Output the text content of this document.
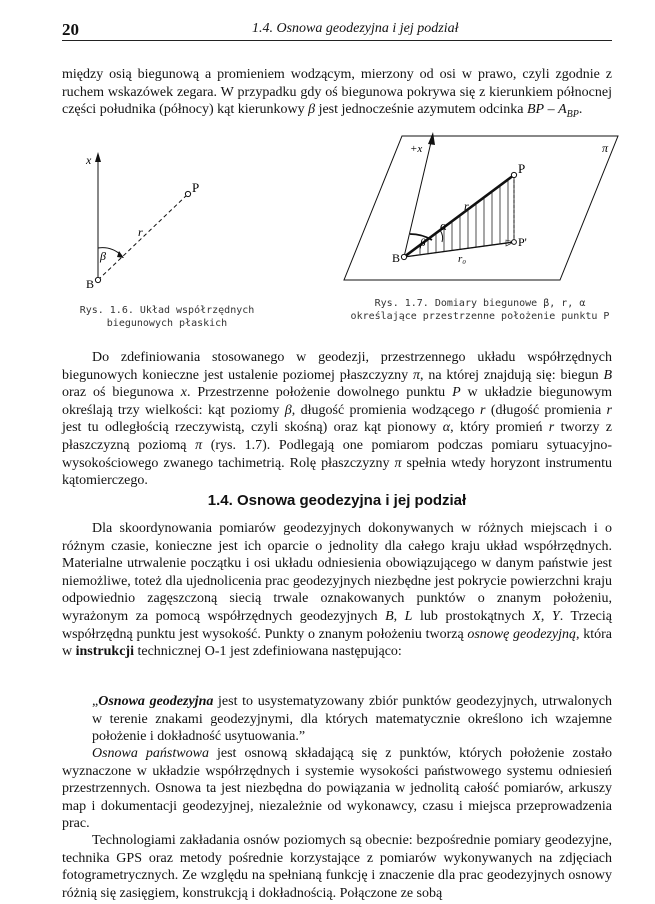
20	1.4. Osnowa geodezyjna i jej podział

między osią biegunową a promieniem wodzącym, mierzony od osi w prawo, czyli zgodnie z ruchem wskazówek zegara. W przypadku gdy oś biegunowa pokrywa się z kierunkiem północnej części południka (północy) kąt kierunkowy β jest jednocześnie azymutem odcinka BP – $A_{BP}$.

x
P
r
β
B
π
+x
P
P'
r
α
β
r₀
B

Rys. 1.6. Układ współrzędnych
biegunowych płaskich

Rys. 1.7. Domiary biegunowe β, r, α
określające przestrzenne położenie punktu P

Do zdefiniowania stosowanego w geodezji, przestrzennego układu współrzędnych biegunowych konieczne jest ustalenie poziomej płaszczyzny π, na której znajdują się: biegun B oraz oś biegunowa x. Przestrzenne położenie dowolnego punktu P w układzie biegunowym określają trzy wielkości: kąt poziomy β, długość promienia wodzącego r (długość promienia r jest tu odległością rzeczywistą, czyli skośną) oraz kąt pionowy α, który promień r tworzy z płaszczyzną poziomą π (rys. 1.7). Podlegają one pomiarom podczas pomiaru sytuacyjno-wysokościowego zwanego tachimetrią. Rolę płaszczyzny π spełnia wtedy horyzont instrumentu kątomierczego.

1.4. Osnowa geodezyjna i jej podział

Dla skoordynowania pomiarów geodezyjnych dokonywanych w różnych miejscach i o różnym czasie, konieczne jest ich oparcie o jednolity dla całego kraju układ współrzędnych. Materialne utrwalenie początku i osi układu odniesienia obowiązującego w danym państwie jest niemożliwe, toteż dla ujednolicenia prac geodezyjnych niezbędne jest pokrycie powierzchni kraju odpowiednio zagęszczoną siecią trwale oznakowanych punktów o znanym położeniu, wyrażonym za pomocą współrzędnych geodezyjnych B, L lub prostokątnych X, Y. Trzecią współrzędną punktu jest wysokość. Punkty o znanym położeniu tworzą osnowę geodezyjną, która w instrukcji technicznej O-1 jest zdefiniowana następująco:

„Osnowa geodezyjna jest to usystematyzowany zbiór punktów geodezyjnych, utrwalonych w terenie znakami geodezyjnymi, dla których matematycznie określono ich wzajemne położenie i dokładność usytuowania.”

Osnowa państwowa jest osnową składającą się z punktów, których położenie zostało wyznaczone w układzie współrzędnych i systemie wysokości państwowego systemu odniesień przestrzennych. Osnowa ta jest niezbędna do powiązania w jednolitą całość pomiarów, arkuszy map i dokumentacji geodezyjnej, niezależnie od wykonawcy, czasu i miejsca przeprowadzenia prac.

Technologiami zakładania osnów poziomych są obecnie: bezpośrednie pomiary geodezyjne, technika GPS oraz metody pośrednie korzystające z pomiarów wykonywanych na zdjęciach fotogrametrycznych. Ze względu na spełnianą funkcję i znaczenie dla prac geodezyjnych osnowy różnią się zasięgiem, konstrukcją i dokładnością. Połączone ze sobą
